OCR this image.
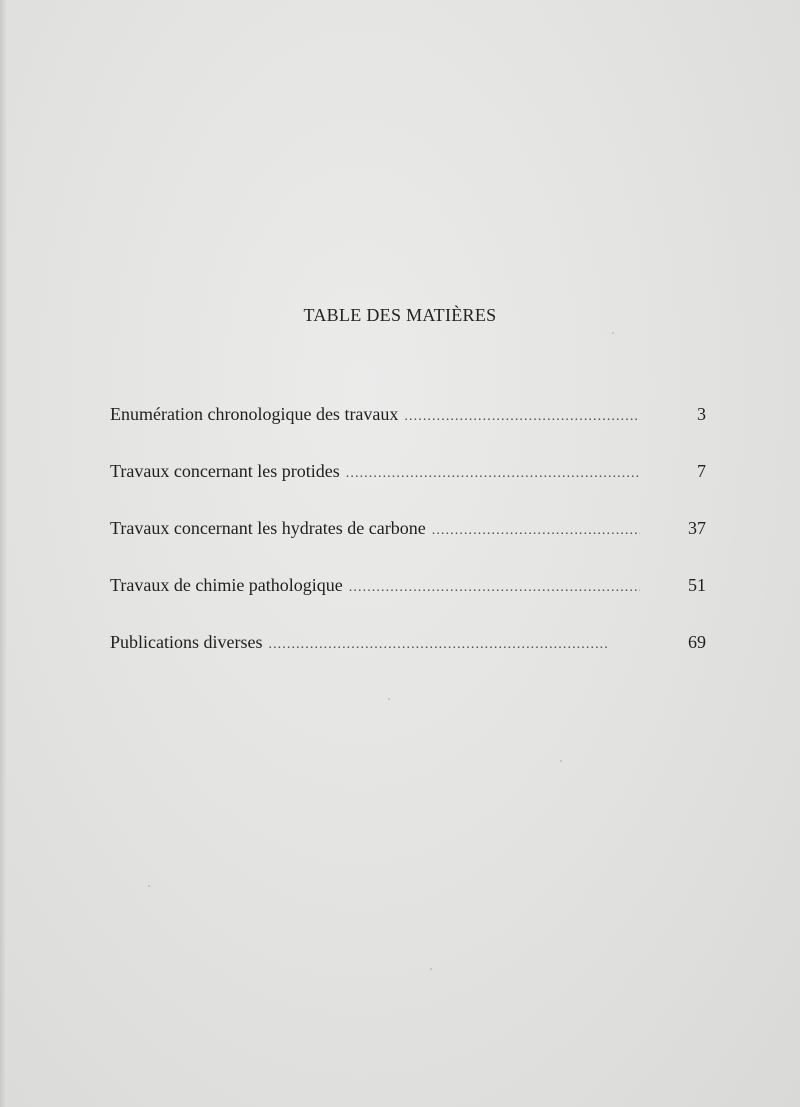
TABLE DES MATIÈRES
Enumération chronologique des travaux . . .	3
Travaux concernant les protides . . .	7
Travaux concernant les hydrates de carbone . . .	37
Travaux de chimie pathologique . . .	51
Publications diverses . . .	69
